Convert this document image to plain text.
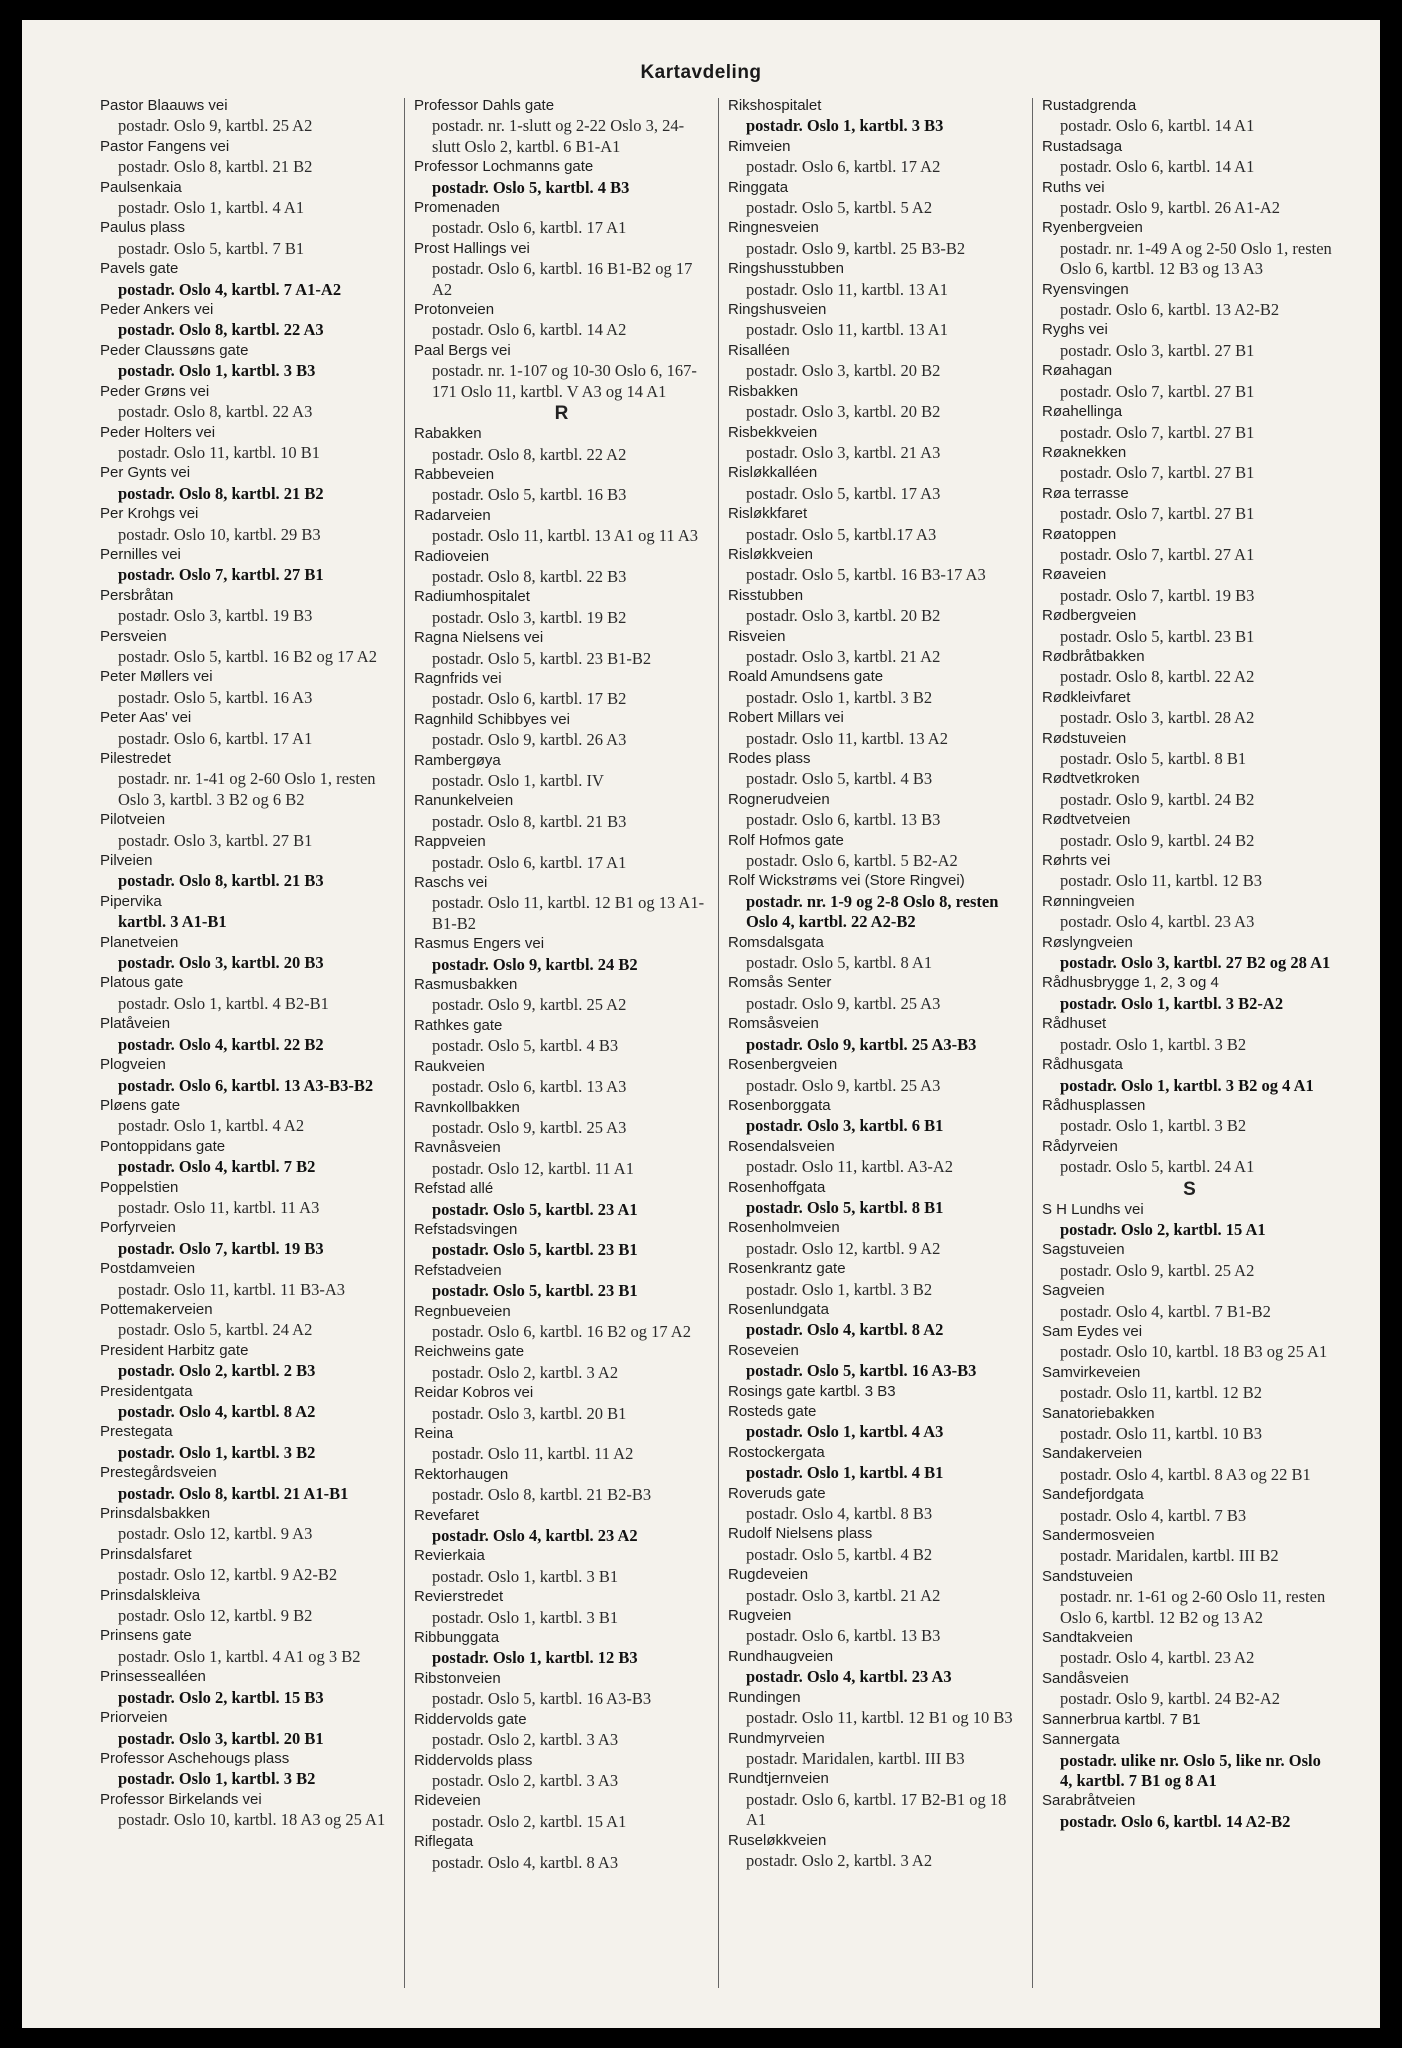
Kartavdeling
Pastor Blaauws vei
postadr. Oslo 9, kartbl. 25 A2
Pastor Fangens vei
postadr. Oslo 8, kartbl. 21 B2
Paulsenkaia
postadr. Oslo 1, kartbl. 4 A1
Paulus plass
postadr. Oslo 5, kartbl. 7 B1
Pavels gate
postadr. Oslo 4, kartbl. 7 A1-A2
Peder Ankers vei
postadr. Oslo 8, kartbl. 22 A3
Peder Claussøns gate
postadr. Oslo 1, kartbl. 3 B3
Peder Grøns vei
postadr. Oslo 8, kartbl. 22 A3
Peder Holters vei
postadr. Oslo 11, kartbl. 10 B1
Per Gynts vei
postadr. Oslo 8, kartbl. 21 B2
Per Krohgs vei
postadr. Oslo 10, kartbl. 29 B3
Pernilles vei
postadr. Oslo 7, kartbl. 27 B1
Persbråtan
postadr. Oslo 3, kartbl. 19 B3
Persveien
postadr. Oslo 5, kartbl. 16 B2 og 17 A2
Peter Møllers vei
postadr. Oslo 5, kartbl. 16 A3
Peter Aas' vei
postadr. Oslo 6, kartbl. 17 A1
Pilestredet
postadr. nr. 1-41 og 2-60 Oslo 1, resten Oslo 3, kartbl. 3 B2 og 6 B2
Pilotveien
postadr. Oslo 3, kartbl. 27 B1
Pilveien
postadr. Oslo 8, kartbl. 21 B3
Pipervika
kartbl. 3 A1-B1
Planetveien
postadr. Oslo 3, kartbl. 20 B3
Platous gate
postadr. Oslo 1, kartbl. 4 B2-B1
Platåveien
postadr. Oslo 4, kartbl. 22 B2
Plogveien
postadr. Oslo 6, kartbl. 13 A3-B3-B2
Pløens gate
postadr. Oslo 1, kartbl. 4 A2
Pontoppidans gate
postadr. Oslo 4, kartbl. 7 B2
Poppelstien
postadr. Oslo 11, kartbl. 11 A3
Porfyrveien
postadr. Oslo 7, kartbl. 19 B3
Postdamveien
postadr. Oslo 11, kartbl. 11 B3-A3
Pottemakerveien
postadr. Oslo 5, kartbl. 24 A2
President Harbitz gate
postadr. Oslo 2, kartbl. 2 B3
Presidentgata
postadr. Oslo 4, kartbl. 8 A2
Prestegata
postadr. Oslo 1, kartbl. 3 B2
Prestegårdsveien
postadr. Oslo 8, kartbl. 21 A1-B1
Prinsdalsbakken
postadr. Oslo 12, kartbl. 9 A3
Prinsdalsfaret
postadr. Oslo 12, kartbl. 9 A2-B2
Prinsdalskleiva
postadr. Oslo 12, kartbl. 9 B2
Prinsens gate
postadr. Oslo 1, kartbl. 4 A1 og 3 B2
Prinsessealléen
postadr. Oslo 2, kartbl. 15 B3
Priorveien
postadr. Oslo 3, kartbl. 20 B1
Professor Aschehougs plass
postadr. Oslo 1, kartbl. 3 B2
Professor Birkelands vei
postadr. Oslo 10, kartbl. 18 A3 og 25 A1
Professor Dahls gate
postadr. nr. 1-slutt og 2-22 Oslo 3, 24-slutt Oslo 2, kartbl. 6 B1-A1
Professor Lochmanns gate
postadr. Oslo 5, kartbl. 4 B3
Promenaden
postadr. Oslo 6, kartbl. 17 A1
Prost Hallings vei
postadr. Oslo 6, kartbl. 16 B1-B2 og 17 A2
Protonveien
postadr. Oslo 6, kartbl. 14 A2
Paal Bergs vei
postadr. nr. 1-107 og 10-30 Oslo 6, 167-171 Oslo 11, kartbl. V A3 og 14 A1
R
Rabakken
postadr. Oslo 8, kartbl. 22 A2
Rabbeveien
postadr. Oslo 5, kartbl. 16 B3
Radarveien
postadr. Oslo 11, kartbl. 13 A1 og 11 A3
Radioveien
postadr. Oslo 8, kartbl. 22 B3
Radiumhospitalet
postadr. Oslo 3, kartbl. 19 B2
Ragna Nielsens vei
postadr. Oslo 5, kartbl. 23 B1-B2
Ragnfrids vei
postadr. Oslo 6, kartbl. 17 B2
Ragnhild Schibbyes vei
postadr. Oslo 9, kartbl. 26 A3
Rambergøya
postadr. Oslo 1, kartbl. IV
Ranunkelveien
postadr. Oslo 8, kartbl. 21 B3
Rappveien
postadr. Oslo 6, kartbl. 17 A1
Raschs vei
postadr. Oslo 11, kartbl. 12 B1 og 13 A1-B1-B2
Rasmus Engers vei
postadr. Oslo 9, kartbl. 24 B2
Rasmusbakken
postadr. Oslo 9, kartbl. 25 A2
Rathkes gate
postadr. Oslo 5, kartbl. 4 B3
Raukveien
postadr. Oslo 6, kartbl. 13 A3
Ravnkollbakken
postadr. Oslo 9, kartbl. 25 A3
Ravnåsveien
postadr. Oslo 12, kartbl. 11 A1
Refstad allé
postadr. Oslo 5, kartbl. 23 A1
Refstadsvingen
postadr. Oslo 5, kartbl. 23 B1
Refstadveien
postadr. Oslo 5, kartbl. 23 B1
Regnbueveien
postadr. Oslo 6, kartbl. 16 B2 og 17 A2
Reichweins gate
postadr. Oslo 2, kartbl. 3 A2
Reidar Kobros vei
postadr. Oslo 3, kartbl. 20 B1
Reina
postadr. Oslo 11, kartbl. 11 A2
Rektorhaugen
postadr. Oslo 8, kartbl. 21 B2-B3
Revefaret
postadr. Oslo 4, kartbl. 23 A2
Revierkaia
postadr. Oslo 1, kartbl. 3 B1
Revierstredet
postadr. Oslo 1, kartbl. 3 B1
Ribbunggata
postadr. Oslo 1, kartbl. 12 B3
Ribstonveien
postadr. Oslo 5, kartbl. 16 A3-B3
Riddervolds gate
postadr. Oslo 2, kartbl. 3 A3
Riddervolds plass
postadr. Oslo 2, kartbl. 3 A3
Rideveien
postadr. Oslo 2, kartbl. 15 A1
Riflegata
postadr. Oslo 4, kartbl. 8 A3
Rikshospitalet
postadr. Oslo 1, kartbl. 3 B3
Rimveien
postadr. Oslo 6, kartbl. 17 A2
Ringgata
postadr. Oslo 5, kartbl. 5 A2
Ringnesveien
postadr. Oslo 9, kartbl. 25 B3-B2
Ringshusstubben
postadr. Oslo 11, kartbl. 13 A1
Ringshusveien
postadr. Oslo 11, kartbl. 13 A1
Risalléen
postadr. Oslo 3, kartbl. 20 B2
Risbakken
postadr. Oslo 3, kartbl. 20 B2
Risbekkveien
postadr. Oslo 3, kartbl. 21 A3
Risløkkalléen
postadr. Oslo 5, kartbl. 17 A3
Risløkkfaret
postadr. Oslo 5, kartbl.17 A3
Risløkkveien
postadr. Oslo 5, kartbl. 16 B3-17 A3
Risstubben
postadr. Oslo 3, kartbl. 20 B2
Risveien
postadr. Oslo 3, kartbl. 21 A2
Roald Amundsens gate
postadr. Oslo 1, kartbl. 3 B2
Robert Millars vei
postadr. Oslo 11, kartbl. 13 A2
Rodes plass
postadr. Oslo 5, kartbl. 4 B3
Rognerudveien
postadr. Oslo 6, kartbl. 13 B3
Rolf Hofmos gate
postadr. Oslo 6, kartbl. 5 B2-A2
Rolf Wickstrøms vei (Store Ringvei)
postadr. nr. 1-9 og 2-8 Oslo 8, resten Oslo 4, kartbl. 22 A2-B2
Romsdalsgata
postadr. Oslo 5, kartbl. 8 A1
Romsås Senter
postadr. Oslo 9, kartbl. 25 A3
Romsåsveien
postadr. Oslo 9, kartbl. 25 A3-B3
Rosenbergveien
postadr. Oslo 9, kartbl. 25 A3
Rosenborggata
postadr. Oslo 3, kartbl. 6 B1
Rosendalsveien
postadr. Oslo 11, kartbl. A3-A2
Rosenhoffgata
postadr. Oslo 5, kartbl. 8 B1
Rosenholmveien
postadr. Oslo 12, kartbl. 9 A2
Rosenkrantz gate
postadr. Oslo 1, kartbl. 3 B2
Rosenlundgata
postadr. Oslo 4, kartbl. 8 A2
Roseveien
postadr. Oslo 5, kartbl. 16 A3-B3
Rosings gate kartbl. 3 B3
Rosteds gate
postadr. Oslo 1, kartbl. 4 A3
Rostockergata
postadr. Oslo 1, kartbl. 4 B1
Roveruds gate
postadr. Oslo 4, kartbl. 8 B3
Rudolf Nielsens plass
postadr. Oslo 5, kartbl. 4 B2
Rugdeveien
postadr. Oslo 3, kartbl. 21 A2
Rugveien
postadr. Oslo 6, kartbl. 13 B3
Rundhaugveien
postadr. Oslo 4, kartbl. 23 A3
Rundingen
postadr. Oslo 11, kartbl. 12 B1 og 10 B3
Rundmyrveien
postadr. Maridalen, kartbl. III B3
Rundtjernveien
postadr. Oslo 6, kartbl. 17 B2-B1 og 18 A1
Ruseløkkveien
postadr. Oslo 2, kartbl. 3 A2
Rustadgrenda
postadr. Oslo 6, kartbl. 14 A1
Rustadsaga
postadr. Oslo 6, kartbl. 14 A1
Ruths vei
postadr. Oslo 9, kartbl. 26 A1-A2
Ryenbergveien
postadr. nr. 1-49 A og 2-50 Oslo 1, resten Oslo 6, kartbl. 12 B3 og 13 A3
Ryensvingen
postadr. Oslo 6, kartbl. 13 A2-B2
Ryghs vei
postadr. Oslo 3, kartbl. 27 B1
Røahagan
postadr. Oslo 7, kartbl. 27 B1
Røahellinga
postadr. Oslo 7, kartbl. 27 B1
Røaknekken
postadr. Oslo 7, kartbl. 27 B1
Røa terrasse
postadr. Oslo 7, kartbl. 27 B1
Røatoppen
postadr. Oslo 7, kartbl. 27 A1
Røaveien
postadr. Oslo 7, kartbl. 19 B3
Rødbergveien
postadr. Oslo 5, kartbl. 23 B1
Rødbråtbakken
postadr. Oslo 8, kartbl. 22 A2
Rødkleivfaret
postadr. Oslo 3, kartbl. 28 A2
Rødstuveien
postadr. Oslo 5, kartbl. 8 B1
Rødtvetkroken
postadr. Oslo 9, kartbl. 24 B2
Rødtvetveien
postadr. Oslo 9, kartbl. 24 B2
Røhrts vei
postadr. Oslo 11, kartbl. 12 B3
Rønningveien
postadr. Oslo 4, kartbl. 23 A3
Røslyngveien
postadr. Oslo 3, kartbl. 27 B2 og 28 A1
Rådhusbrygge 1, 2, 3 og 4
postadr. Oslo 1, kartbl. 3 B2-A2
Rådhuset
postadr. Oslo 1, kartbl. 3 B2
Rådhusgata
postadr. Oslo 1, kartbl. 3 B2 og 4 A1
Rådhusplassen
postadr. Oslo 1, kartbl. 3 B2
Rådyrveien
postadr. Oslo 5, kartbl. 24 A1
S
S H Lundhs vei
postadr. Oslo 2, kartbl. 15 A1
Sagstuveien
postadr. Oslo 9, kartbl. 25 A2
Sagveien
postadr. Oslo 4, kartbl. 7 B1-B2
Sam Eydes vei
postadr. Oslo 10, kartbl. 18 B3 og 25 A1
Samvirkeveien
postadr. Oslo 11, kartbl. 12 B2
Sanatoriebakken
postadr. Oslo 11, kartbl. 10 B3
Sandakerveien
postadr. Oslo 4, kartbl. 8 A3 og 22 B1
Sandefjordgata
postadr. Oslo 4, kartbl. 7 B3
Sandermosveien
postadr. Maridalen, kartbl. III B2
Sandstuveien
postadr. nr. 1-61 og 2-60 Oslo 11, resten Oslo 6, kartbl. 12 B2 og 13 A2
Sandtakveien
postadr. Oslo 4, kartbl. 23 A2
Sandåsveien
postadr. Oslo 9, kartbl. 24 B2-A2
Sannerbrua kartbl. 7 B1
Sannergata
postadr. ulike nr. Oslo 5, like nr. Oslo 4, kartbl. 7 B1 og 8 A1
Sarabråtveien
postadr. Oslo 6, kartbl. 14 A2-B2
